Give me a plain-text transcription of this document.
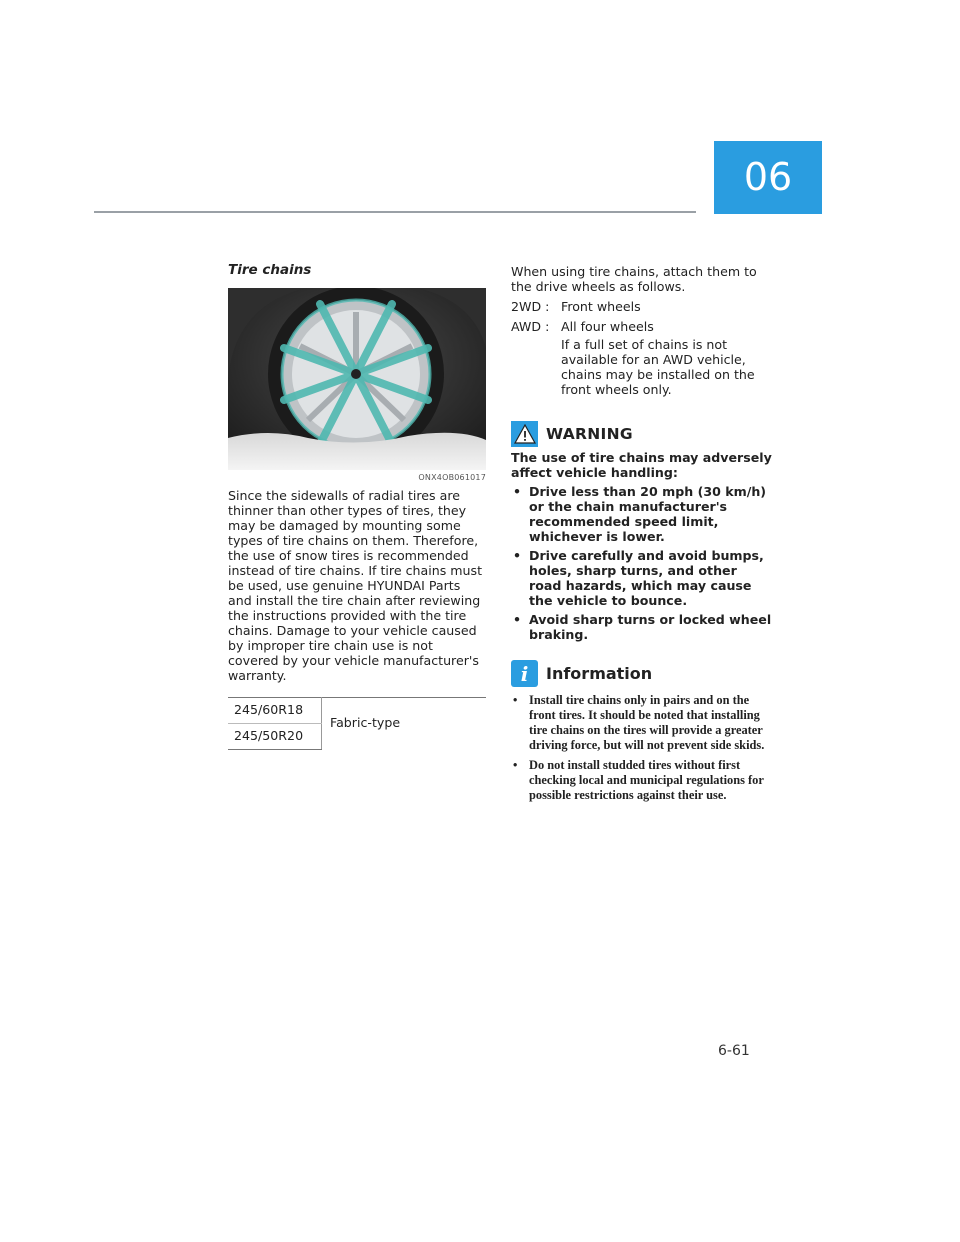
06
Tire chains
ONX4OB061017
Since the sidewalls of radial tires are thinner than other types of tires, they may be damaged by mounting some types of tire chains on them. Therefore, the use of snow tires is recommended instead of tire chains. If tire chains must be used, use genuine HYUNDAI Parts and install the tire chain after reviewing the instructions provided with the tire chains. Damage to your vehicle caused by improper tire chain use is not covered by your vehicle manufacturer's warranty.
245/60R18	Fabric-type
245/50R20
When using tire chains, attach them to the drive wheels as follows.
2WD : Front wheels
AWD : All four wheels
If a full set of chains is not available for an AWD vehicle, chains may be installed on the front wheels only.
WARNING
The use of tire chains may adversely affect vehicle handling:
• Drive less than 20 mph (30 km/h) or the chain manufacturer's recommended speed limit, whichever is lower.
• Drive carefully and avoid bumps, holes, sharp turns, and other road hazards, which may cause the vehicle to bounce.
• Avoid sharp turns or locked wheel braking.
i	Information
• Install tire chains only in pairs and on the front tires. It should be noted that installing tire chains on the tires will provide a greater driving force, but will not prevent side skids.
• Do not install studded tires without first checking local and municipal regulations for possible restrictions against their use.
6-61
